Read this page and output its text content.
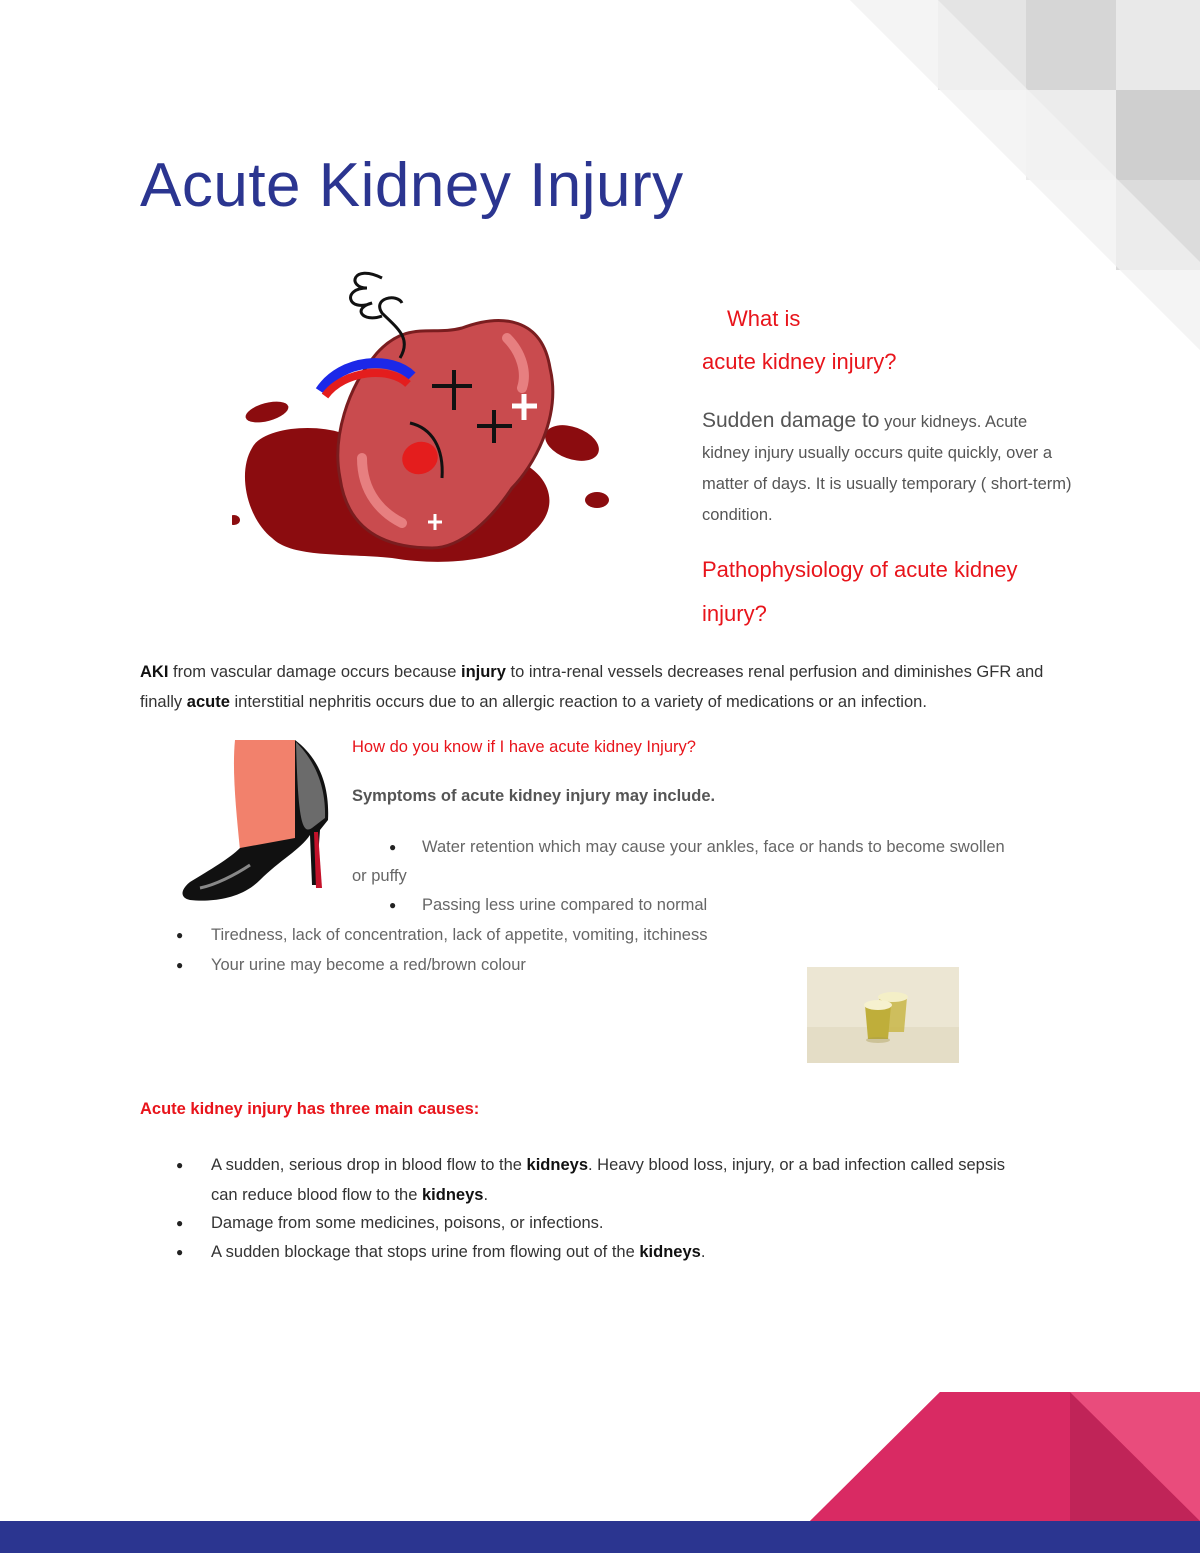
Acute Kidney Injury
What is
acute kidney injury?
Sudden damage to your kidneys. Acute kidney injury usually occurs quite quickly, over a matter of days. It is usually temporary ( short-term) condition.
Pathophysiology of acute kidney injury?
AKI from vascular damage occurs because injury to intra-renal vessels decreases renal perfusion and diminishes GFR and finally acute interstitial nephritis occurs due to an allergic reaction to a variety of medications or an infection.
How do you know if I have acute kidney Injury?
Symptoms of acute kidney injury may include.
● Water retention which may cause your ankles, face or hands to become swollen
or puffy
● Passing less urine compared to normal
● Tiredness, lack of concentration, lack of appetite, vomiting, itchiness
● Your urine may become a red/brown colour
Acute kidney injury has three main causes:
● A sudden, serious drop in blood flow to the kidneys. Heavy blood loss, injury, or a bad infection called sepsis
can reduce blood flow to the kidneys.
● Damage from some medicines, poisons, or infections.
● A sudden blockage that stops urine from flowing out of the kidneys.
